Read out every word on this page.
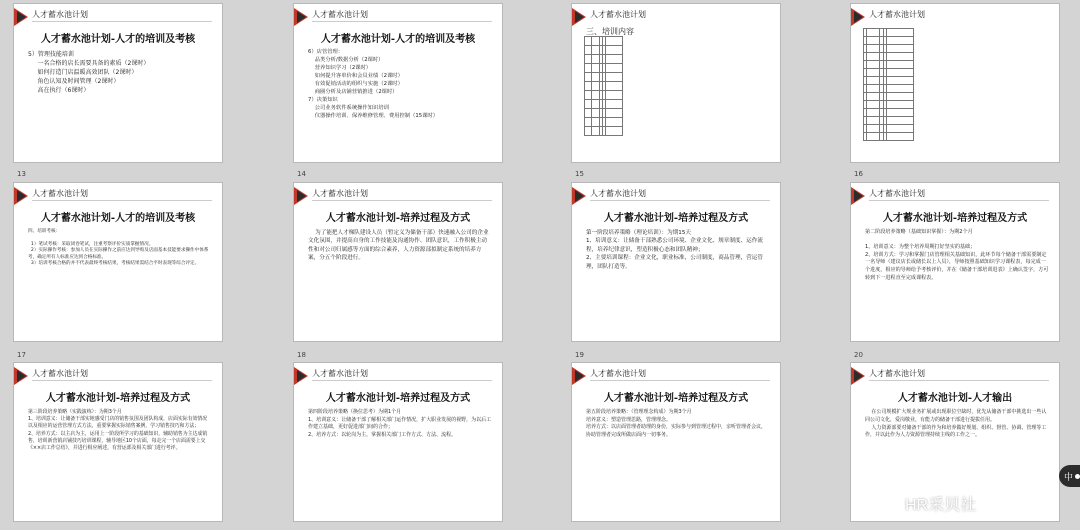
人才蓄水池计划
人才蓄水池计划-人才的培训及考核
5）管理技能培训
一名合格的店长需要具备的素质（2课时）
如何打造门店温暖高效团队（2课时）
角色认知及时间管理（2课时）
高在执行（6课时）
人才蓄水池计划
人才蓄水池计划-人才的培训及考核
6）店管管理：
品类分析/数据分析（2课时）
营养知识学习（2课时）
如何提升客单价和会员业绩（2课时）
有效促销活动的组织与实施（2课时）
商圈分析及店铺营销推进（2课时）
7）决策知识
公司业务软件系统操作知识培训
仪器操作培训、保养维修管理、费用控制（15课时）
人才蓄水池计划
三、培训内容

人才蓄水池计划

13	14	15	16
人才蓄水池计划
人才蓄水池计划-人才的培训及考核
四、培训考核：

1）笔试考核：采取闭卷笔试，注重考察评价实质掌握情况。
2）实际操作考核：参加人员在实际操作之前应达到导购及店面基本技能要求操作中体系考，确定所有人标准应达到合格标准。
3）培训考核合格的并不代表最终考核结果，考核结果需结合平时表现等综合评定。
人才蓄水池计划
人才蓄水池计划-培养过程及方式
为了能把人才梯队建设人员（暂定义为储备干部）快速融入公司的企业文化氛围，并提高自身的工作技能及沟通协作、团队意识，工作积极主动性和对公司归属感等方面的综合素养，人力资源部拟制定系统的培养方案，分五个阶段进行。
人才蓄水池计划
人才蓄水池计划-培养过程及方式
第一阶段培养策略（理论培训）：为期15天
1、培训意义：让储备干部熟悉公司环境、企业文化、规章制度、运作流程，培养纪律意识，塑造积极心态和团队精神；
2、主要培训课程：企业文化，职业标准，公司制度，商品管理，营运管理，团队打造等。
人才蓄水池计划
人才蓄水池计划-培养过程及方式
第二阶段培养策略（基础知识掌握）：为期2个月

1、培训意义：为整个培养周期打好坚实的基础；
2、培训方式：学习和掌握门店管理相关基础知识，此环节每个储备干部需要制定一名导师（建议店长或储长以上人员），导师按照基础知识学习课程表，每完成一个进度，相应的导师给予考核评价，并在《储备干部培训进表》上确认签字，方可转到下一进程直至完成课程表。
17	18	19	20
人才蓄水池计划
人才蓄水池计划-培养过程及方式
第三阶段培养策略（实践演练）：为期3个月
1、培训意义：让储备干部实地感受门店的销售氛围及团队构成，店面实际有效情况以及相应的运营管理方式方法，重要掌握实际销售案例，学习销售技巧和方法；
2、培养方式：以主店为主，运用上一阶段所学习的基础知识，辅助销售为主达成销售，培训新营销店铺技巧培训课程，辅导地区10个店面，每走完一个店面需要上交《××店工作总结》，并进行相应阐述，有营运部及相关部门进行考评。
人才蓄水池计划
人才蓄水池计划-培养过程及方式
第四阶段培养策略（换位思考）为期1个月
1、培训意义：让储备干部了解相关部门运作情况，扩大职业发展的视野，为以后工作建立基础，更好促进部门间的合作；
2、培养方式：以轮岗为主，掌握相关部门工作方式、方法、流程。
人才蓄水池计划
人才蓄水池计划-培养过程及方式
第五阶段培养策略：（管理理念构成）为期3个月
培养意义：塑造管理思路，管理理念。
培养方式：以店面管理者助理的身份，实际参与到管理过程中，亲听管理者会议，协助管理者完成所做店面内一切事务。
人才蓄水池计划
人才蓄水池计划-人才输出
在公司规模扩大规业务扩展或出现职位空缺时，优先从储备干部中挑选出一些认同公司文化，爱岗敬业，有能力的储备干部进行提拔任用。
人力资源部要对储备干部的作为和培养做好规划、组织、督管、协调、管理等工作，并以此作为人力资源管理持续主线的工作之一。
HR采贝社
中
